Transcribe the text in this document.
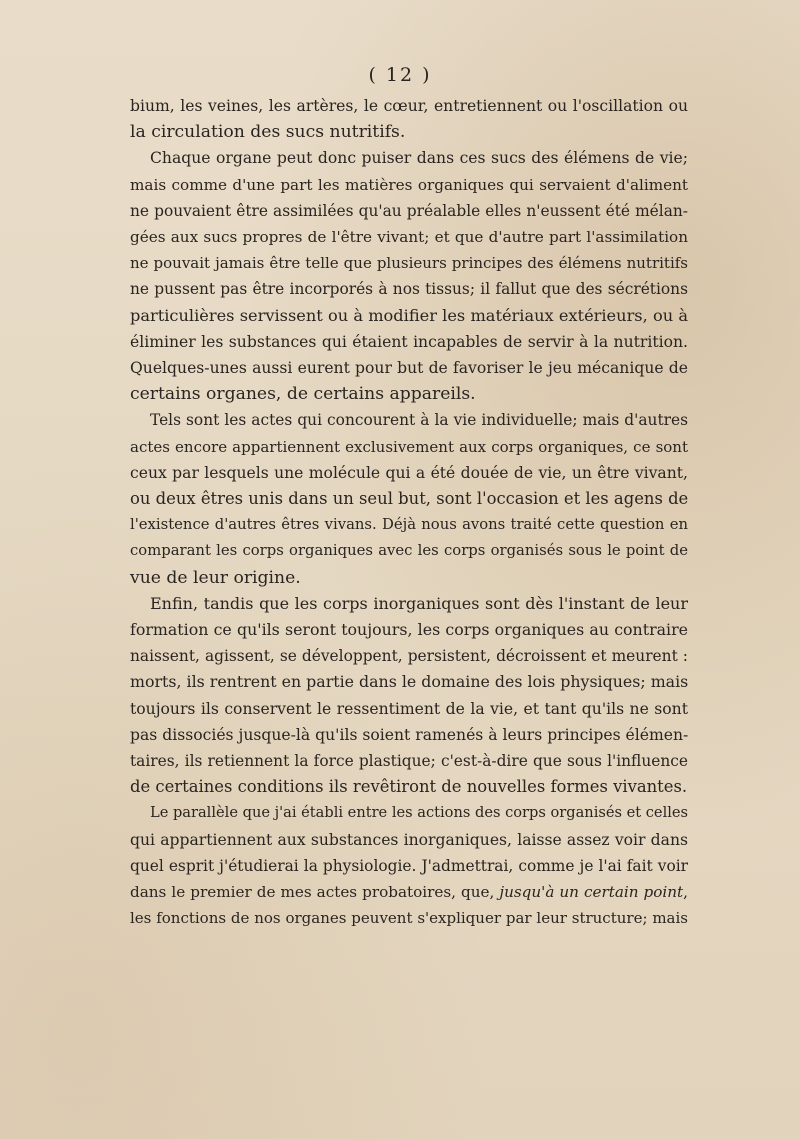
( 12 )
bium, les veines, les artères, le cœur, entretiennent ou l'oscillation ou
la circulation des sucs nutritifs.
Chaque organe peut donc puiser dans ces sucs des élémens de vie;
mais comme d'une part les matières organiques qui servaient d'aliment
ne pouvaient être assimilées qu'au préalable elles n'eussent été mélan-
gées aux sucs propres de l'être vivant; et que d'autre part l'assimilation
ne pouvait jamais être telle que plusieurs principes des élémens nutritifs
ne pussent pas être incorporés à nos tissus; il fallut que des sécrétions
particulières servissent ou à modifier les matériaux extérieurs, ou à
éliminer les substances qui étaient incapables de servir à la nutrition.
Quelques-unes aussi eurent pour but de favoriser le jeu mécanique de
certains organes, de certains appareils.
Tels sont les actes qui concourent à la vie individuelle; mais d'autres
actes encore appartiennent exclusivement aux corps organiques, ce sont
ceux par lesquels une molécule qui a été douée de vie, un être vivant,
ou deux êtres unis dans un seul but, sont l'occasion et les agens de
l'existence d'autres êtres vivans. Déjà nous avons traité cette question en
comparant les corps organiques avec les corps organisés sous le point de
vue de leur origine.
Enfin, tandis que les corps inorganiques sont dès l'instant de leur
formation ce qu'ils seront toujours, les corps organiques au contraire
naissent, agissent, se développent, persistent, décroissent et meurent :
morts, ils rentrent en partie dans le domaine des lois physiques; mais
toujours ils conservent le ressentiment de la vie, et tant qu'ils ne sont
pas dissociés jusque-là qu'ils soient ramenés à leurs principes élémen-
taires, ils retiennent la force plastique; c'est-à-dire que sous l'influence
de certaines conditions ils revêtiront de nouvelles formes vivantes.
Le parallèle que j'ai établi entre les actions des corps organisés et celles
qui appartiennent aux substances inorganiques, laisse assez voir dans
quel esprit j'étudierai la physiologie. J'admettrai, comme je l'ai fait voir
dans le premier de mes actes probatoires, que, jusqu'à un certain point,
les fonctions de nos organes peuvent s'expliquer par leur structure; mais
